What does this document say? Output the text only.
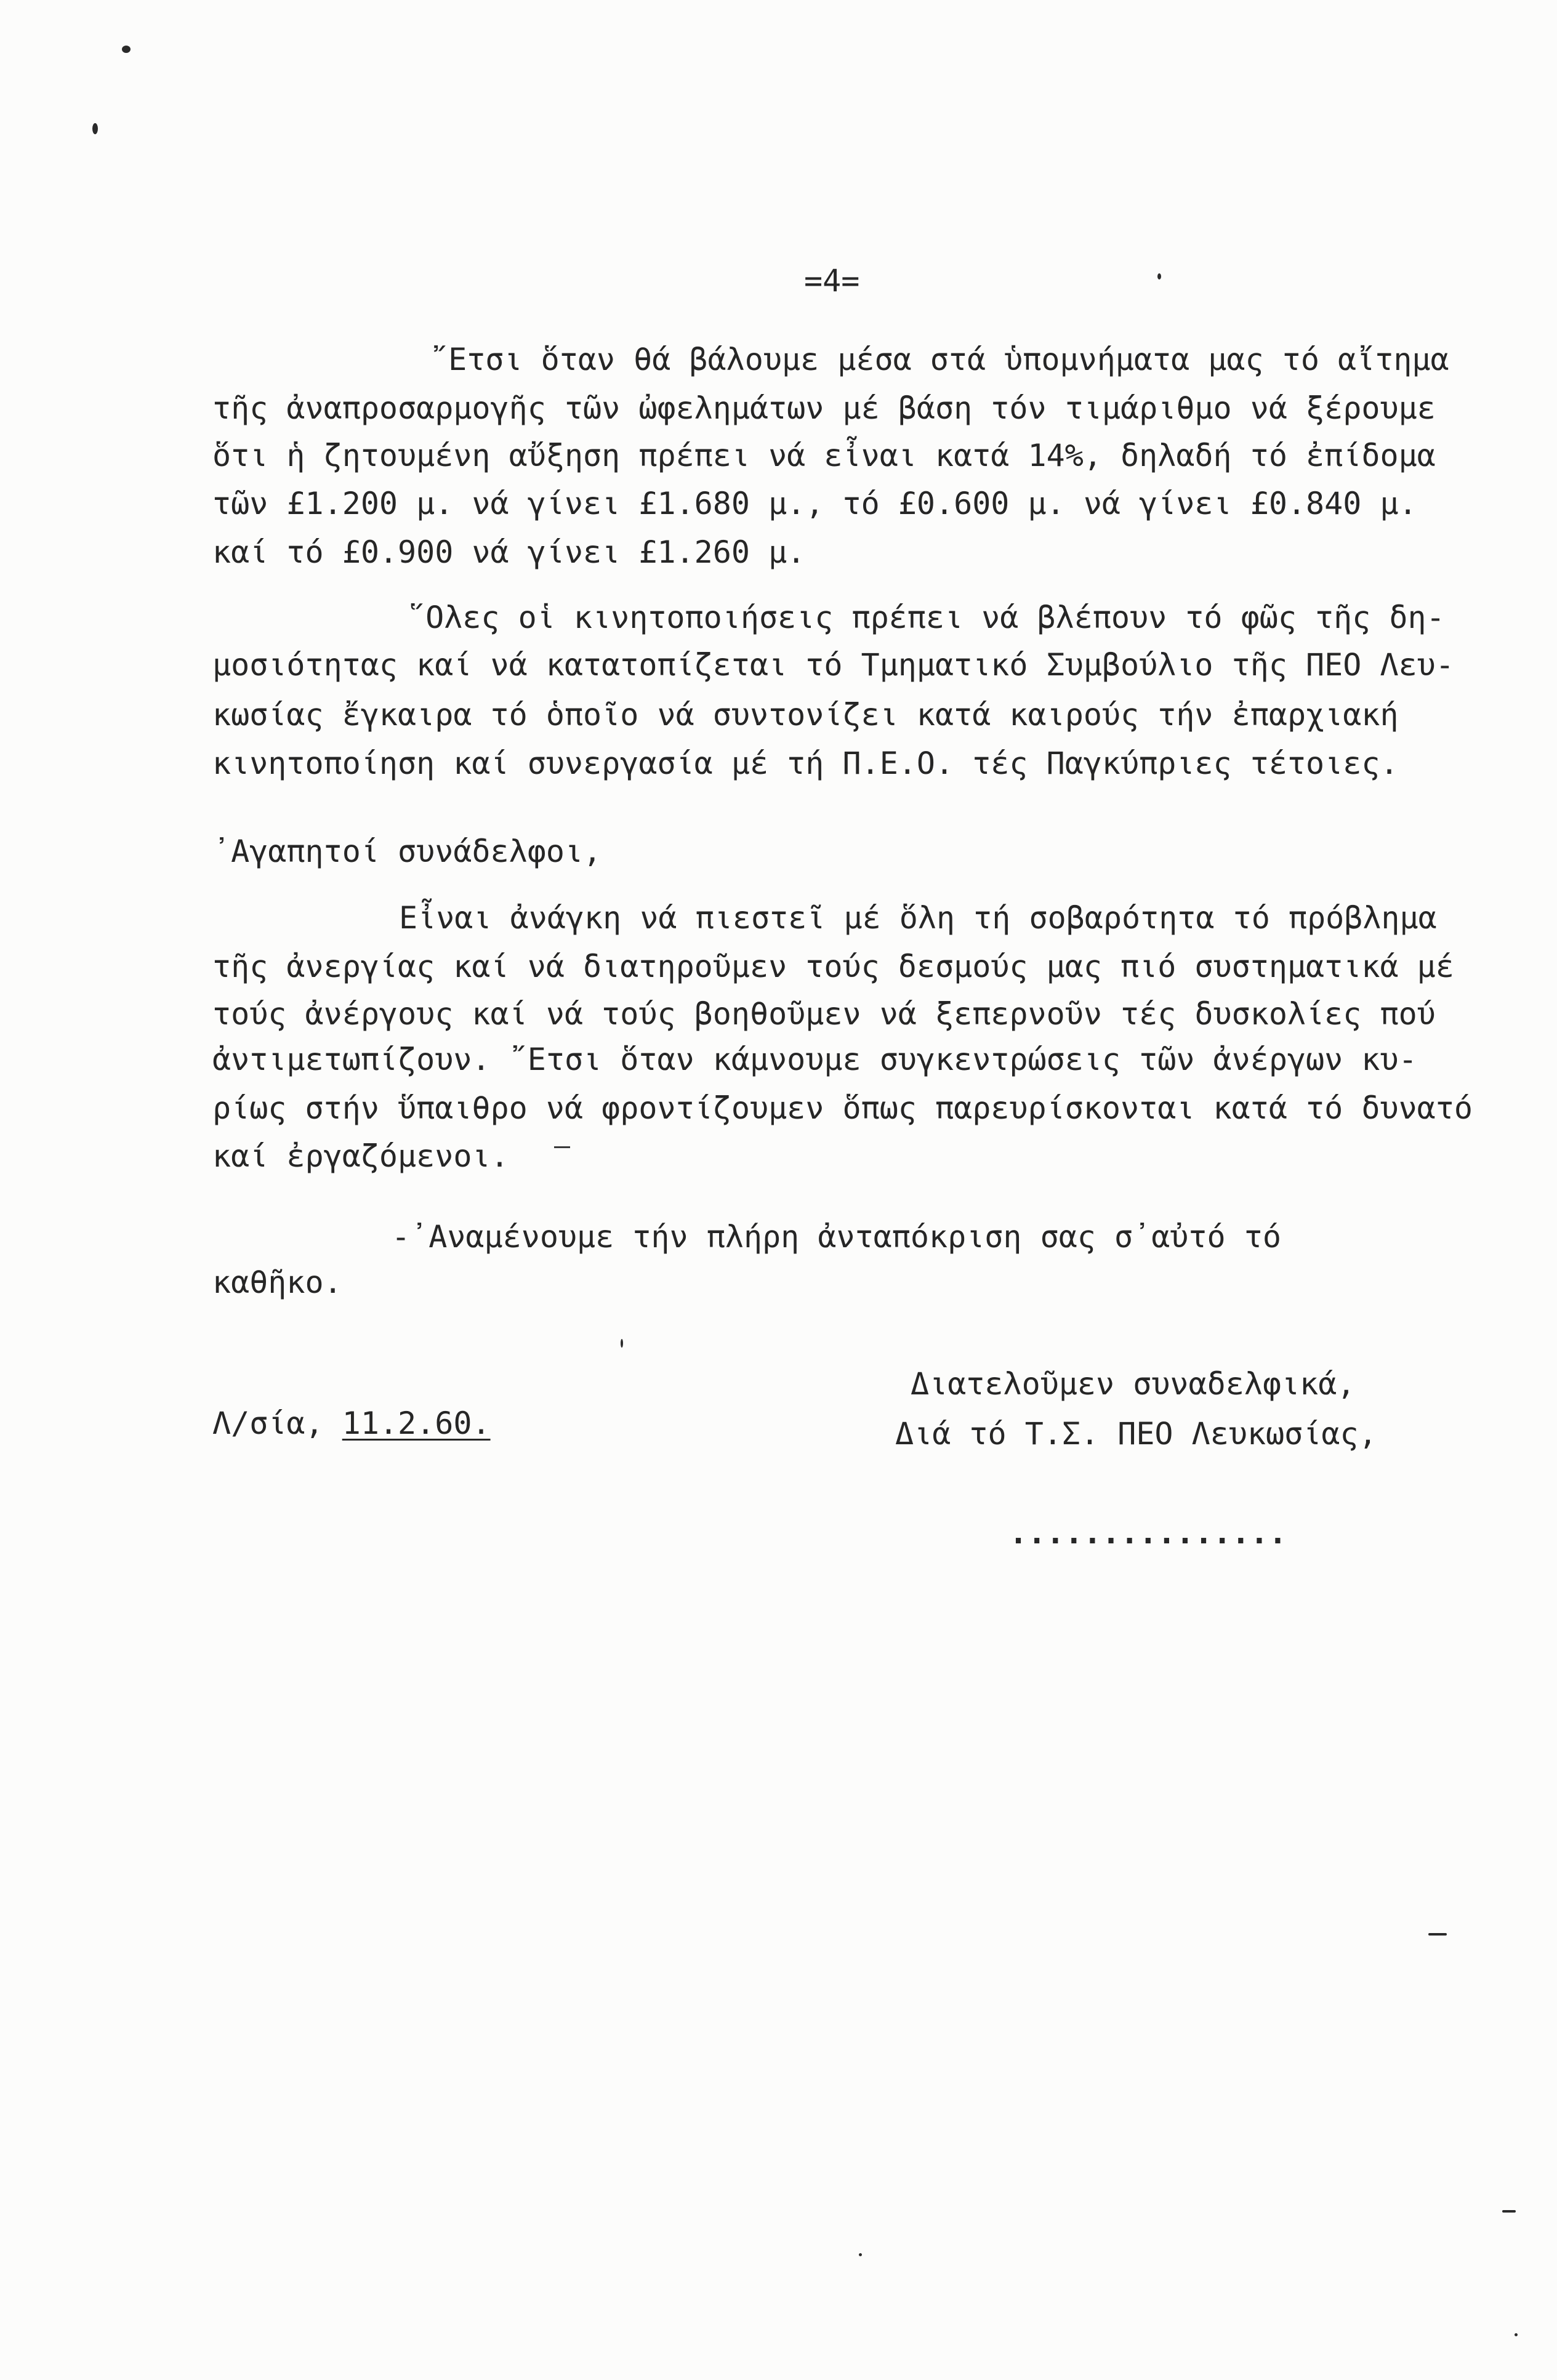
=4=
῎Ετσι ὅταν θά βάλουμε μέσα στά ὑπομνήματα μας τό αἴτημα
τῆς ἀναπροσαρμογῆς τῶν ὠφελημάτων μέ βάση τόν τιμάριθμο νά ξέρουμε
ὅτι ἡ ζητουμένη αὔξηση πρέπει νά εἶναι κατά 14%, δηλαδή τό ἐπίδομα
τῶν £1.200 μ. νά γίνει £1.680 μ., τό £0.600 μ. νά γίνει £0.840 μ.
καί τό £0.900 νά γίνει £1.260 μ.
῞Ολες οἱ κινητοποιήσεις πρέπει νά βλέπουν τό φῶς τῆς δη-
μοσιότητας καί νά κατατοπίζεται τό Τμηματικό Συμβούλιο τῆς ΠΕΟ Λευ-
κωσίας ἔγκαιρα τό ὁποῖο νά συντονίζει κατά καιρούς τήν ἐπαρχιακή
κινητοποίηση καί συνεργασία μέ τή Π.Ε.Ο. τές Παγκύπριες τέτοιες.
᾽Αγαπητοί συνάδελφοι,
Εἶναι ἀνάγκη νά πιεστεῖ μέ ὅλη τή σοβαρότητα τό πρόβλημα
τῆς ἀνεργίας καί νά διατηροῦμεν τούς δεσμούς μας πιό συστηματικά μέ
τούς ἀνέργους καί νά τούς βοηθοῦμεν νά ξεπερνοῦν τές δυσκολίες πού
ἀντιμετωπίζουν. ῎Ετσι ὅταν κάμνουμε συγκεντρώσεις τῶν ἀνέργων κυ-
ρίως στήν ὕπαιθρο νά φροντίζουμεν ὅπως παρευρίσκονται κατά τό δυνατό
καί ἐργαζόμενοι.
-᾽Αναμένουμε τήν πλήρη ἀνταπόκριση σας σ᾽αὐτό τό
καθῆκο.
Διατελοῦμεν συναδελφικά,
Διά τό Τ.Σ. ΠΕΟ Λευκωσίας,
Λ/σία, 11.2.60.
...............
